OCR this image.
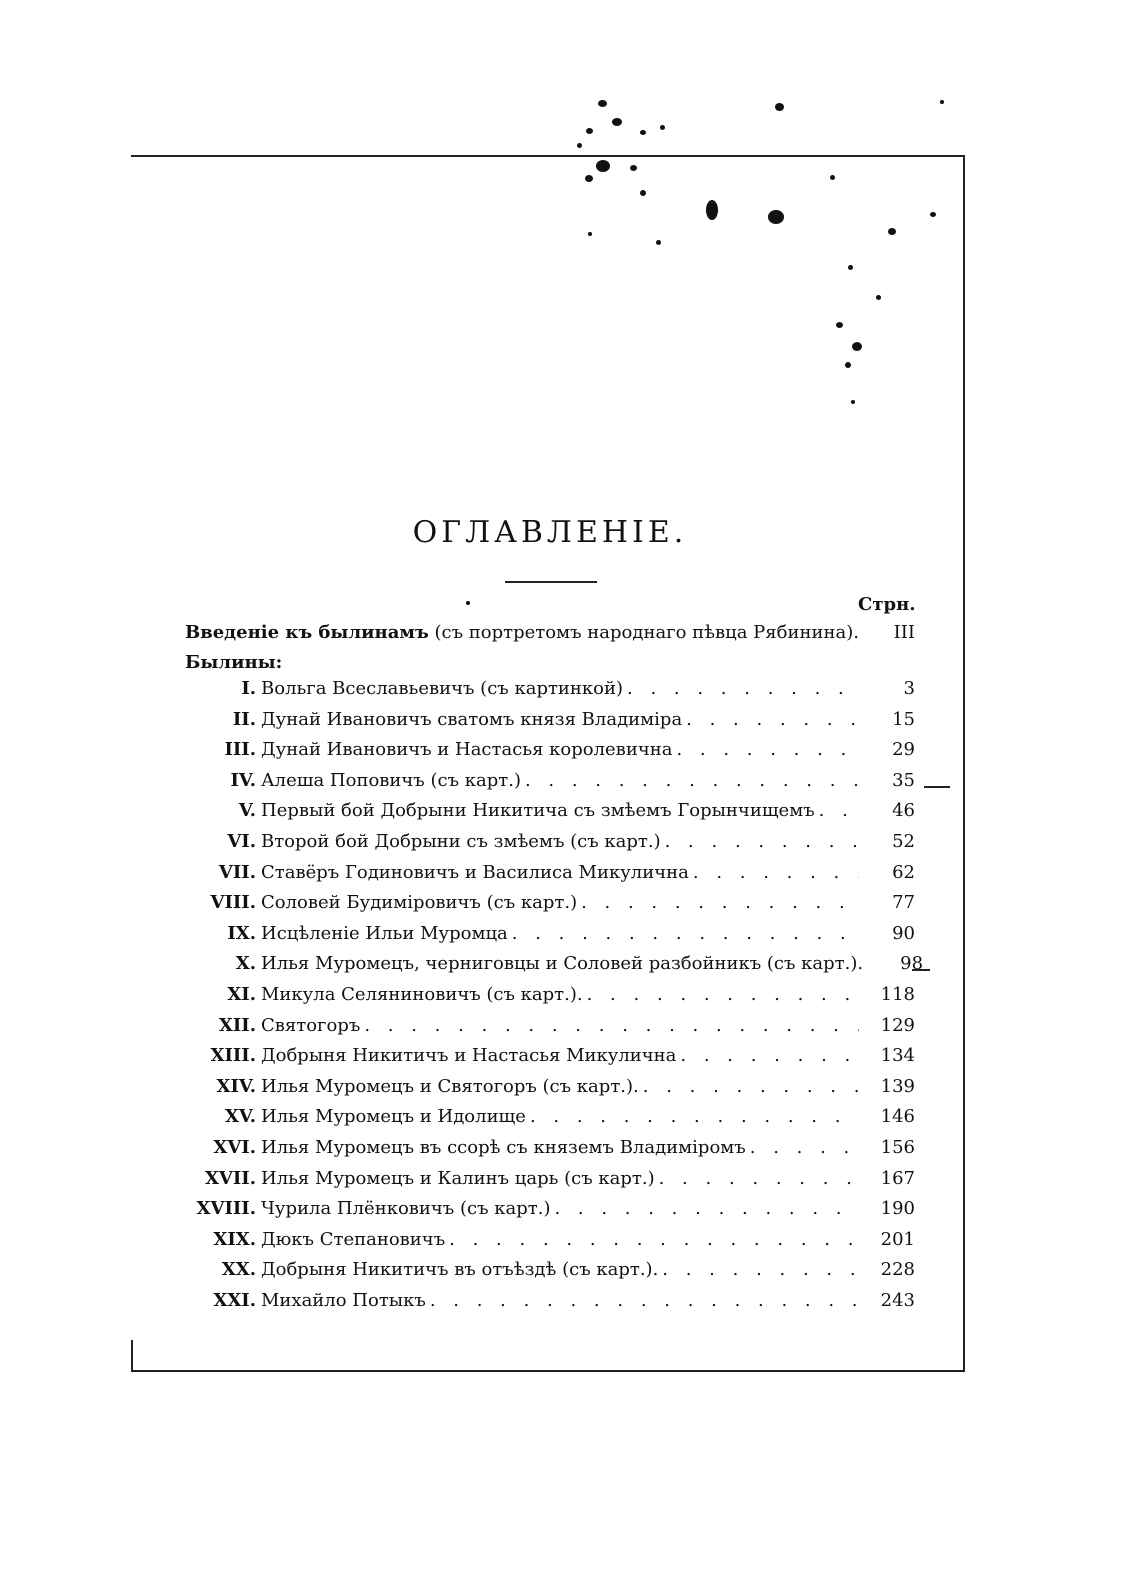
ОГЛАВЛЕНІЕ.
Стрн.
Введеніе къ былинамъ (съ портретомъ народнаго пѣвца Рябинина). III
Былины:
I. Вольга Всеславьевичъ (съ картинкой) . . .	3
II. Дунай Ивановичъ сватомъ князя Владиміра . . .	15
III. Дунай Ивановичъ и Настасья королевична . . .	29
IV. Алеша Поповичъ (съ карт.) . . .	35
V. Первый бой Добрыни Никитича съ змѣемъ Горынчищемъ . . .	46
VI. Второй бой Добрыни съ змѣемъ (съ карт.) . . .	52
VII. Ставёръ Годиновичъ и Василиса Микулична . . .	62
VIII. Соловей Будиміровичъ (съ карт.) . . .	77
IX. Исцѣленіе Ильи Муромца . . .	90
X. Илья Муромецъ, черниговцы и Соловей разбойникъ (съ карт.).	98
XI. Микула Селяниновичъ (съ карт.). . . .	118
XII. Святогоръ . . .	129
XIII. Добрыня Никитичъ и Настасья Микулична . . .	134
XIV. Илья Муромецъ и Святогоръ (съ карт.). . . .	139
XV. Илья Муромецъ и Идолище . . .	146
XVI. Илья Муромецъ въ ссорѣ съ княземъ Владиміромъ . . .	156
XVII. Илья Муромецъ и Калинъ царь (съ карт.) . . .	167
XVIII. Чурила Плёнковичъ (съ карт.) . . .	190
XIX. Дюкъ Степановичъ . . .	201
XX. Добрыня Никитичъ въ отъѣздѣ (съ карт.). . . .	228
XXI. Михайло Потыкъ . . .	243
